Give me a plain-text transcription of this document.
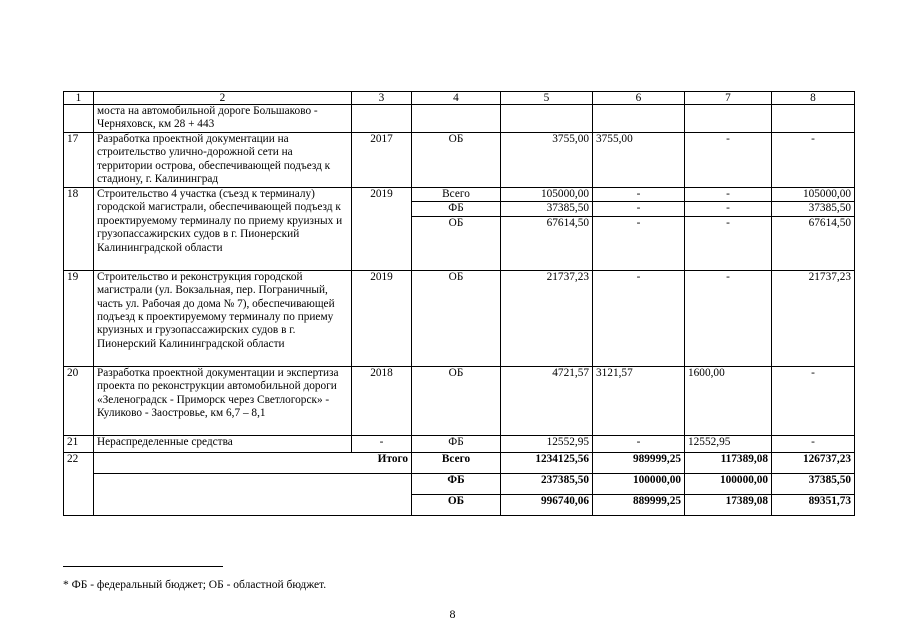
1	2	3	4	5	6	7	8
	моста на автомобильной дороге Большаково - Черняховск, км 28 + 443						
17	Разработка проектной документации на строительство улично-дорожной сети на территории острова, обеспечивающей подъезд к стадиону, г. Калининград	2017	ОБ	3755,00	3755,00	-	-
18	Строительство 4 участка (съезд к терминалу) городской магистрали, обеспечивающей подъезд к проектируемому терминалу по приему круизных и грузопассажирских судов в г. Пионерский Калининградской области	2019	Всего	105000,00	-	-	105000,00
			ФБ	37385,50	-	-	37385,50
			ОБ	67614,50	-	-	67614,50
19	Строительство и реконструкция городской магистрали (ул. Вокзальная, пер. Пограничный, часть ул. Рабочая до дома № 7), обеспечивающей подъезд к проектируемому терминалу по приему круизных и грузопассажирских судов в г. Пионерский Калининградской области	2019	ОБ	21737,23	-	-	21737,23
20	Разработка проектной документации и экспертиза проекта по реконструкции автомобильной дороги «Зеленоградск - Приморск через Светлогорск» - Куликово - Заостровье, км 6,7 – 8,1	2018	ОБ	4721,57	3121,57	1600,00	-
21	Нераспределенные средства	-	ФБ	12552,95	-	12552,95	-
22	Итого		Всего	1234125,56	989999,25	117389,08	126737,23
			ФБ	237385,50	100000,00	100000,00	37385,50
			ОБ	996740,06	889999,25	17389,08	89351,73
* ФБ - федеральный бюджет; ОБ - областной бюджет.
8
